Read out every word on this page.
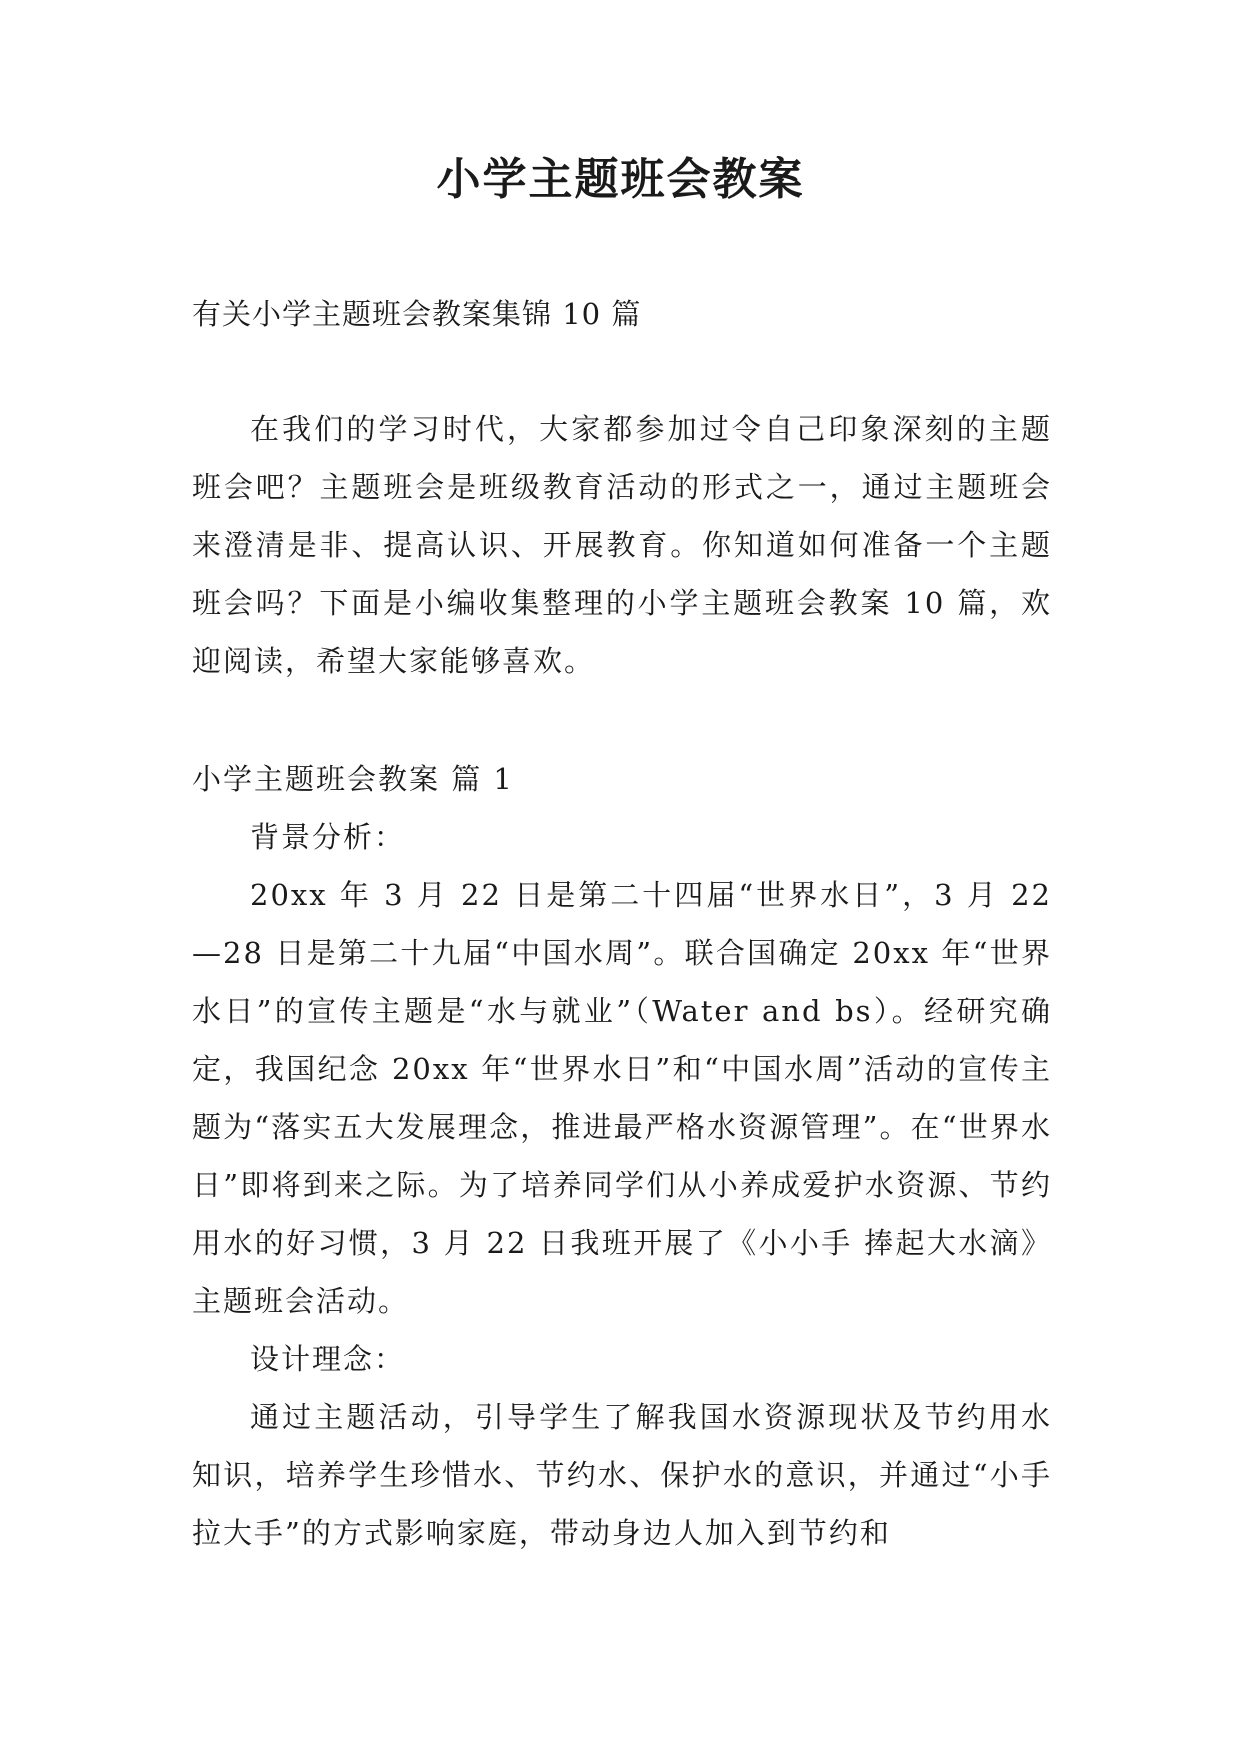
小学主题班会教案

有关小学主题班会教案集锦 10 篇

在我们的学习时代，大家都参加过令自己印象深刻的主题班会吧？主题班会是班级教育活动的形式之一，通过主题班会来澄清是非、提高认识、开展教育。你知道如何准备一个主题班会吗？下面是小编收集整理的小学主题班会教案 10 篇，欢迎阅读，希望大家能够喜欢。

小学主题班会教案 篇 1

背景分析：

20xx 年 3 月 22 日是第二十四届“世界水日”，3 月 22—28 日是第二十九届“中国水周”。联合国确定 20xx 年“世界水日”的宣传主题是“水与就业”（Water and bs）。经研究确定，我国纪念 20xx 年“世界水日”和“中国水周”活动的宣传主题为“落实五大发展理念，推进最严格水资源管理”。在“世界水日”即将到来之际。为了培养同学们从小养成爱护水资源、节约用水的好习惯，3 月 22 日我班开展了《小小手 捧起大水滴》主题班会活动。

设计理念：

通过主题活动，引导学生了解我国水资源现状及节约用水知识，培养学生珍惜水、节约水、保护水的意识，并通过“小手拉大手”的方式影响家庭，带动身边人加入到节约和
